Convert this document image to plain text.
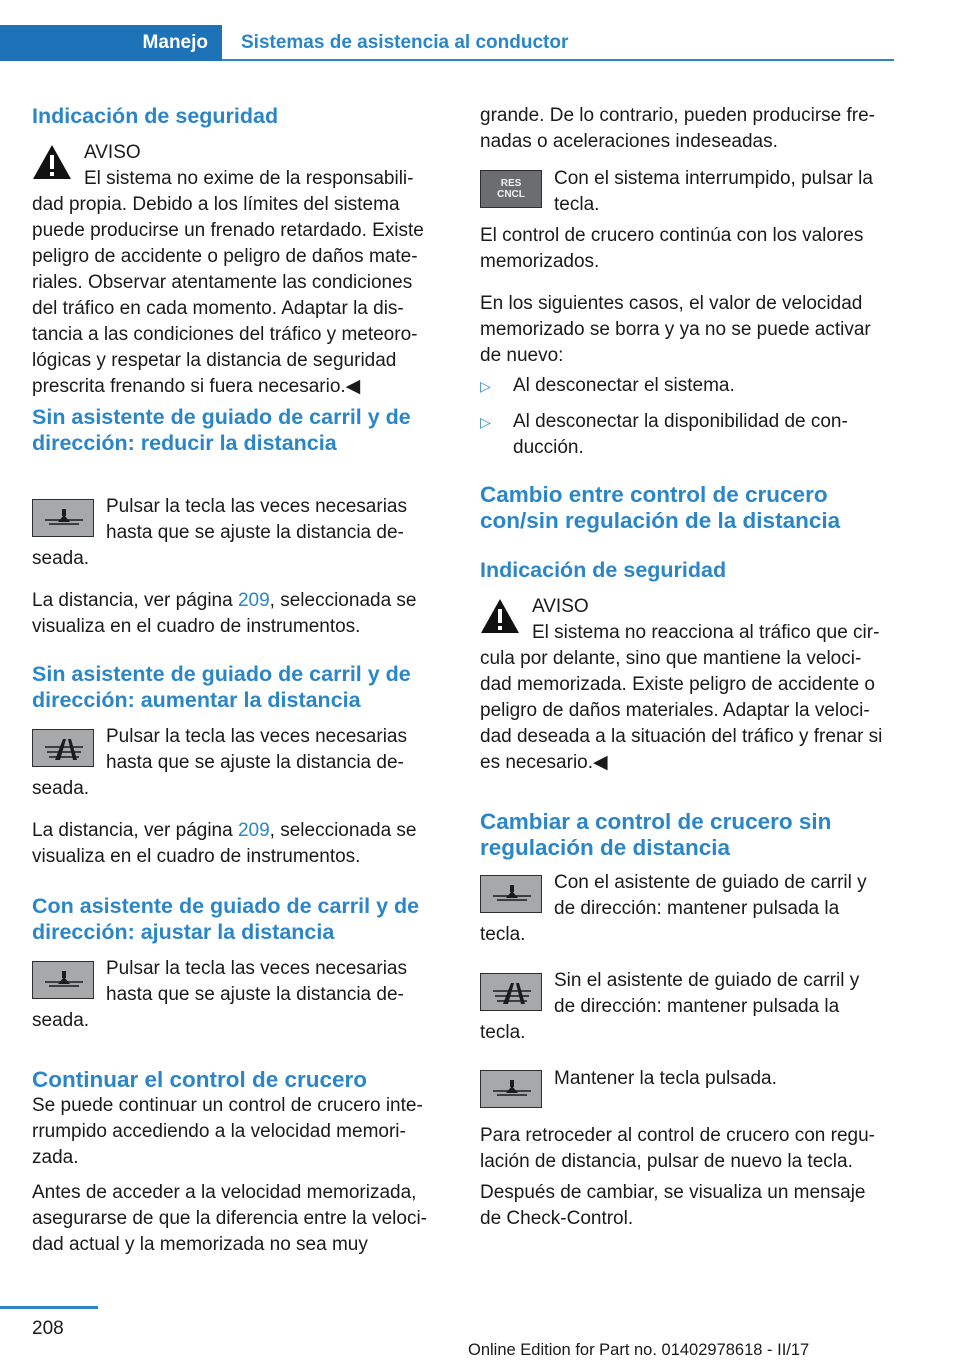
Manejo Sistemas de asistencia al conductor
Indicación de seguridad
AVISO
El sistema no exime de la responsabili‐
dad propia. Debido a los límites del sistema
puede producirse un frenado retardado. Existe
peligro de accidente o peligro de daños mate‐
riales. Observar atentamente las condiciones
del tráfico en cada momento. Adaptar la dis‐
tancia a las condiciones del tráfico y meteoro‐
lógicas y respetar la distancia de seguridad
prescrita frenando si fuera necesario.◀
Sin asistente de guiado de carril y de
dirección: reducir la distancia
Pulsar la tecla las veces necesarias
hasta que se ajuste la distancia de‐
seada.
La distancia, ver página 209, seleccionada se
visualiza en el cuadro de instrumentos.
Sin asistente de guiado de carril y de
dirección: aumentar la distancia
Pulsar la tecla las veces necesarias
hasta que se ajuste la distancia de‐
seada.
La distancia, ver página 209, seleccionada se
visualiza en el cuadro de instrumentos.
Con asistente de guiado de carril y de
dirección: ajustar la distancia
Pulsar la tecla las veces necesarias
hasta que se ajuste la distancia de‐
seada.
Continuar el control de crucero
Se puede continuar un control de crucero inte‐
rrumpido accediendo a la velocidad memori‐
zada.
Antes de acceder a la velocidad memorizada,
asegurarse de que la diferencia entre la veloci‐
dad actual y la memorizada no sea muy
grande. De lo contrario, pueden producirse fre‐
nadas o aceleraciones indeseadas.
RES
CNCL
Con el sistema interrumpido, pulsar la
tecla.
El control de crucero continúa con los valores
memorizados.
En los siguientes casos, el valor de velocidad
memorizado se borra y ya no se puede activar
de nuevo:
▷ Al desconectar el sistema.
▷ Al desconectar la disponibilidad de con‐
ducción.
Cambio entre control de crucero
con/sin regulación de la distancia
Indicación de seguridad
AVISO
El sistema no reacciona al tráfico que cir‐
cula por delante, sino que mantiene la veloci‐
dad memorizada. Existe peligro de accidente o
peligro de daños materiales. Adaptar la veloci‐
dad deseada a la situación del tráfico y frenar si
es necesario.◀
Cambiar a control de crucero sin
regulación de distancia
Con el asistente de guiado de carril y
de dirección: mantener pulsada la
tecla.
Sin el asistente de guiado de carril y
de dirección: mantener pulsada la
tecla.
Mantener la tecla pulsada.
Para retroceder al control de crucero con regu‐
lación de distancia, pulsar de nuevo la tecla.
Después de cambiar, se visualiza un mensaje
de Check-Control.
208
Online Edition for Part no. 01402978618 - II/17
